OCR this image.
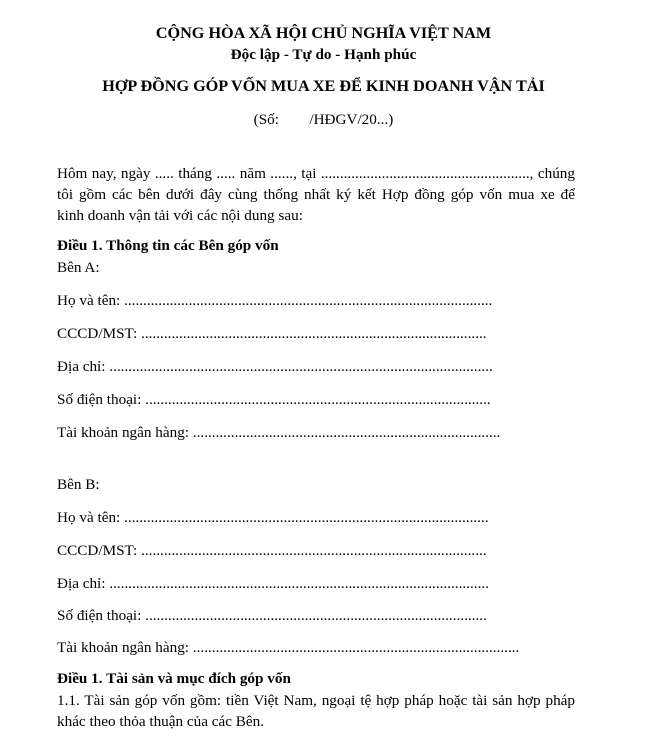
CỘNG HÒA XÃ HỘI CHỦ NGHĨA VIỆT NAM
Độc lập - Tự do - Hạnh phúc
HỢP ĐỒNG GÓP VỐN MUA XE ĐỂ KINH DOANH VẬN TẢI
(Số:        /HĐGV/20...)
Hôm nay, ngày ..... tháng ..... năm ......, tại ......................................................., chúng
tôi gồm các bên dưới đây cùng thống nhất ký kết Hợp đồng góp vốn mua xe để
kinh doanh vận tải với các nội dung sau:
Điều 1. Thông tin các Bên góp vốn
Bên A:
Họ và tên: .................................................................................................
CCCD/MST: ...........................................................................................
Địa chỉ: .....................................................................................................
Số điện thoại: ...........................................................................................
Tài khoản ngân hàng: .................................................................................
Bên B:
Họ và tên: ................................................................................................
CCCD/MST: ...........................................................................................
Địa chỉ: ....................................................................................................
Số điện thoại: ..........................................................................................
Tài khoản ngân hàng: ......................................................................................
Điều 1. Tài sản và mục đích góp vốn
1.1. Tài sản góp vốn gồm: tiền Việt Nam, ngoại tệ hợp pháp hoặc tài sản hợp pháp
khác theo thỏa thuận của các Bên.
